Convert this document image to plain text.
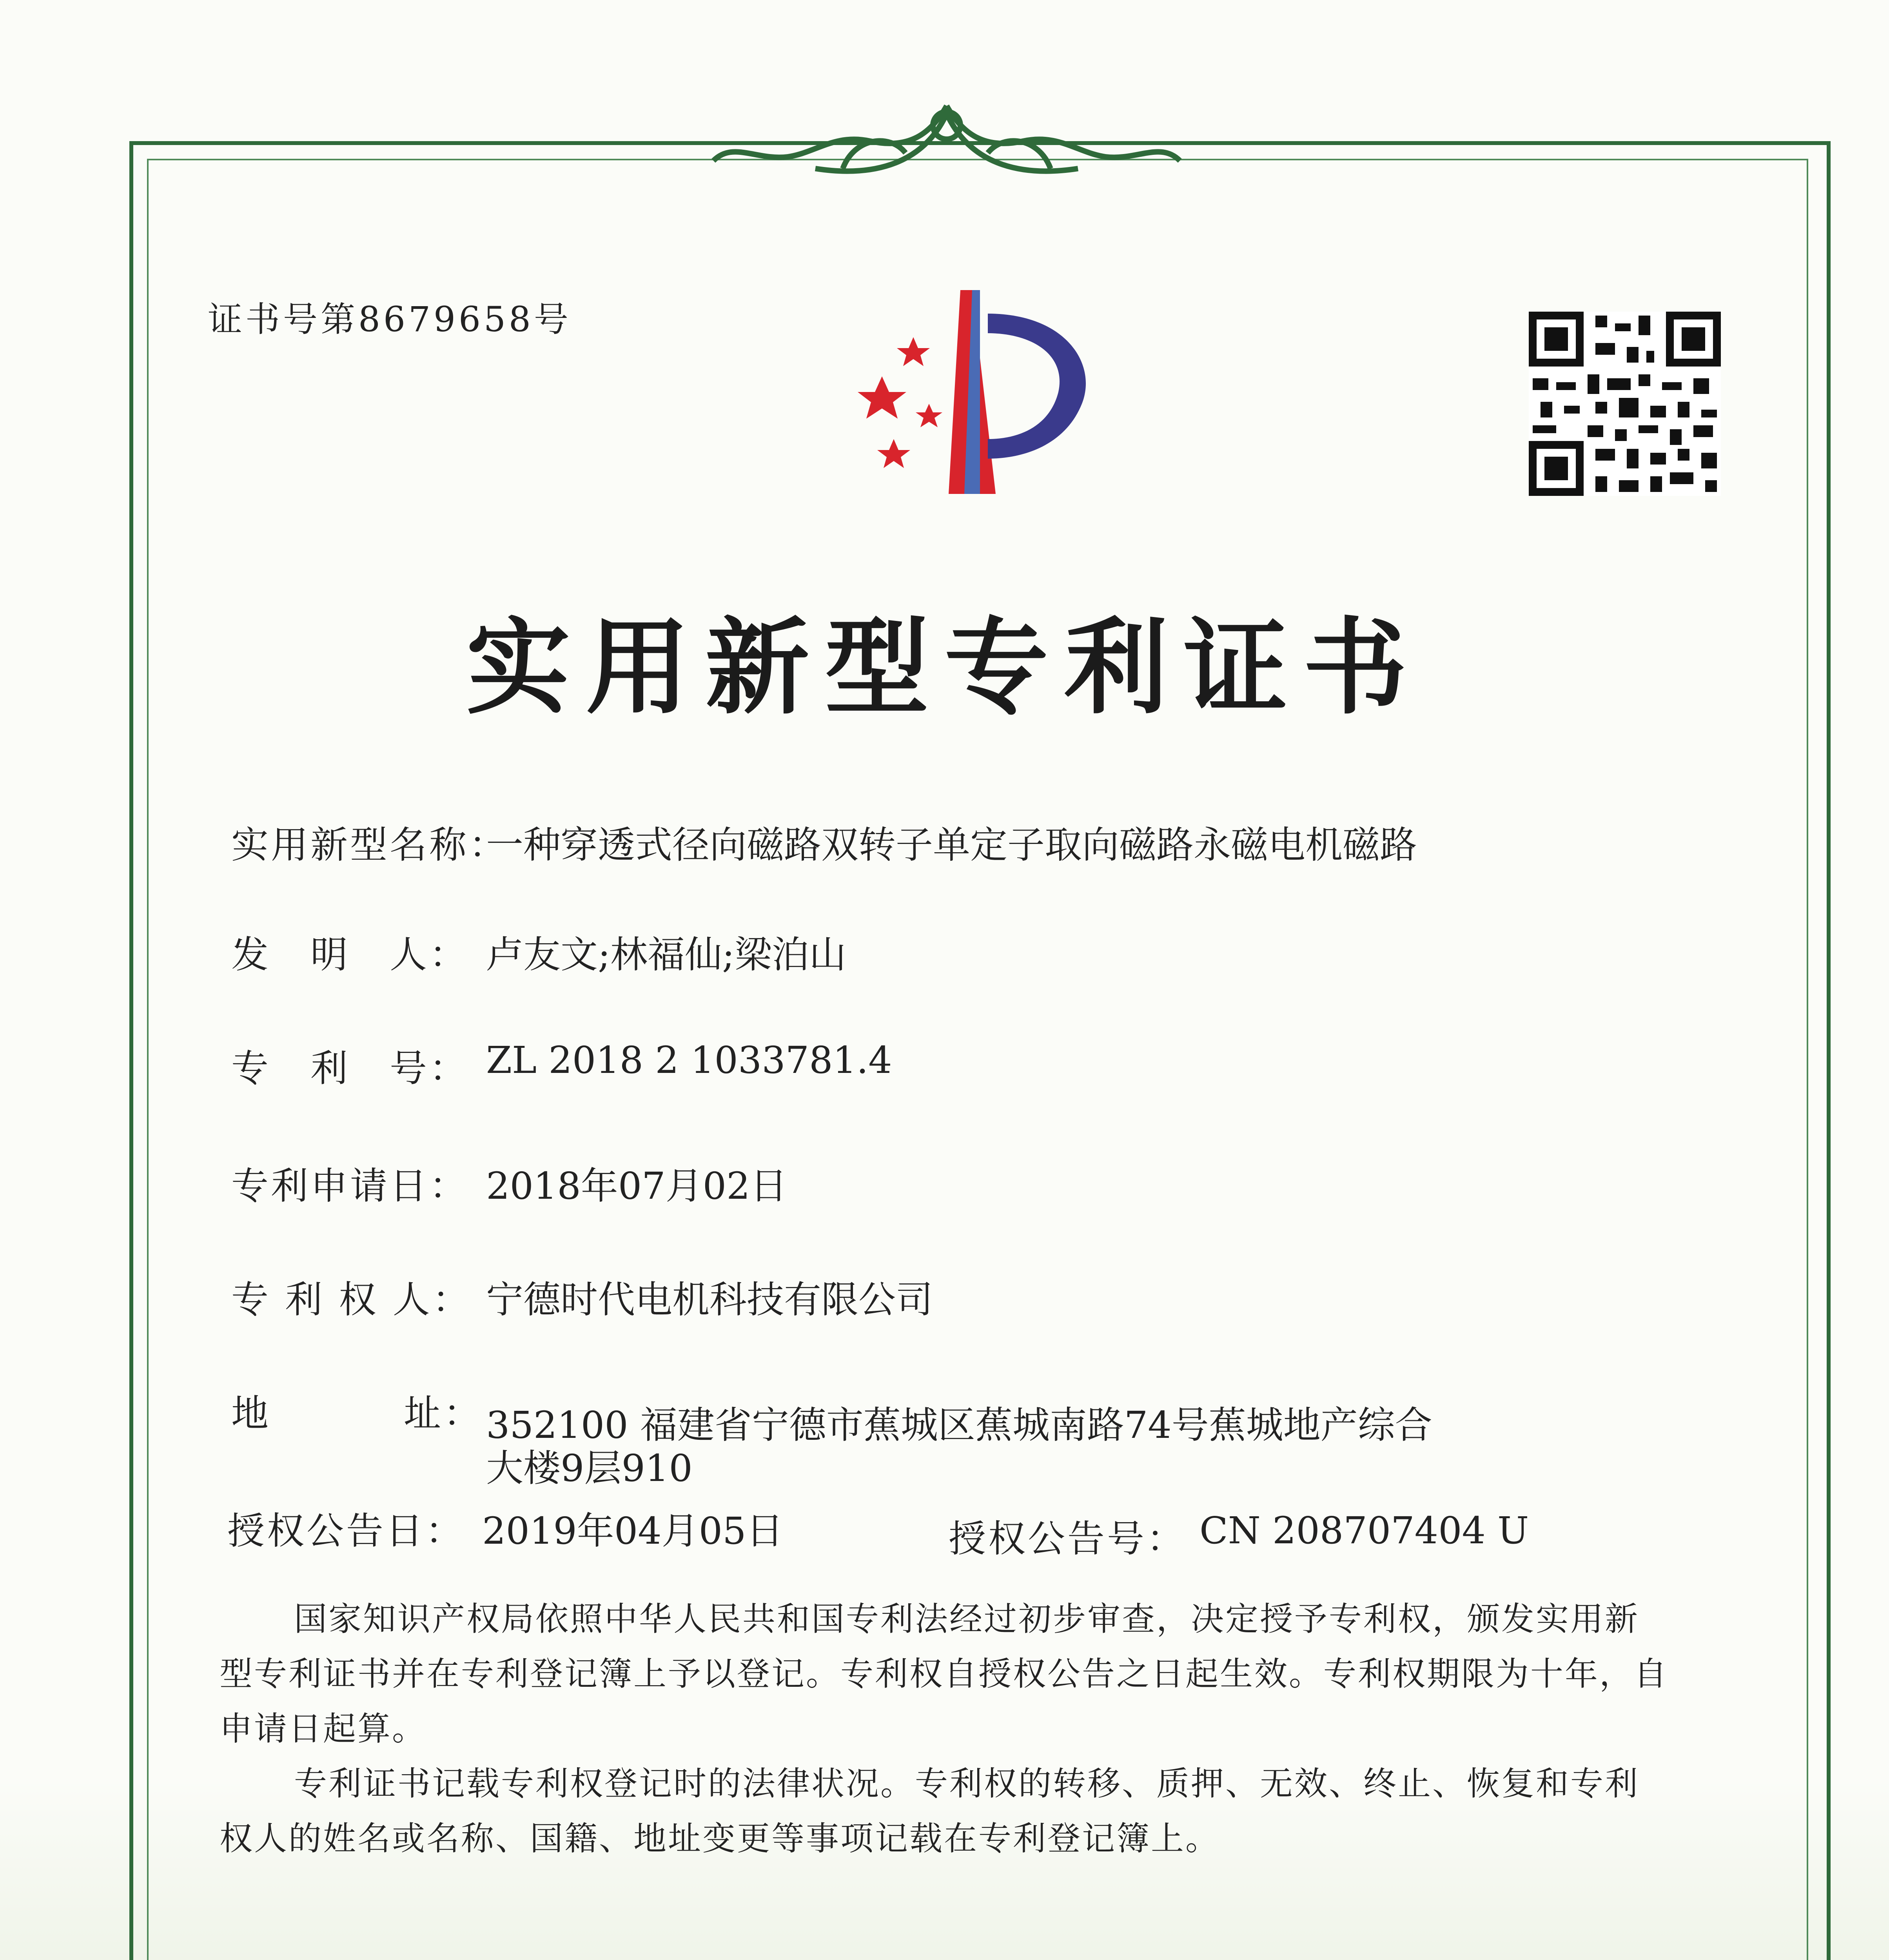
证书号第8679658号
实用新型专利证书
实用新型名称：
一种穿透式径向磁路双转子单定子取向磁路永磁电机磁路
发　明　人： 卢友文;林福仙;梁泊山
专　利　号： ZL 2018 2 1033781.4
专利申请日： 2018年07月02日
专 利 权 人： 宁德时代电机科技有限公司
地	址： 352100 福建省宁德市蕉城区蕉城南路74号蕉城地产综合
大楼9层910
授权公告日： 2019年04月05日	授权公告号： CN 208707404 U
国家知识产权局依照中华人民共和国专利法经过初步审查，决定授予专利权，颁发实用新型专利证书并在专利登记簿上予以登记。专利权自授权公告之日起生效。专利权期限为十年，自申请日起算。
专利证书记载专利权登记时的法律状况。专利权的转移、质押、无效、终止、恢复和专利权人的姓名或名称、国籍、地址变更等事项记载在专利登记簿上。
